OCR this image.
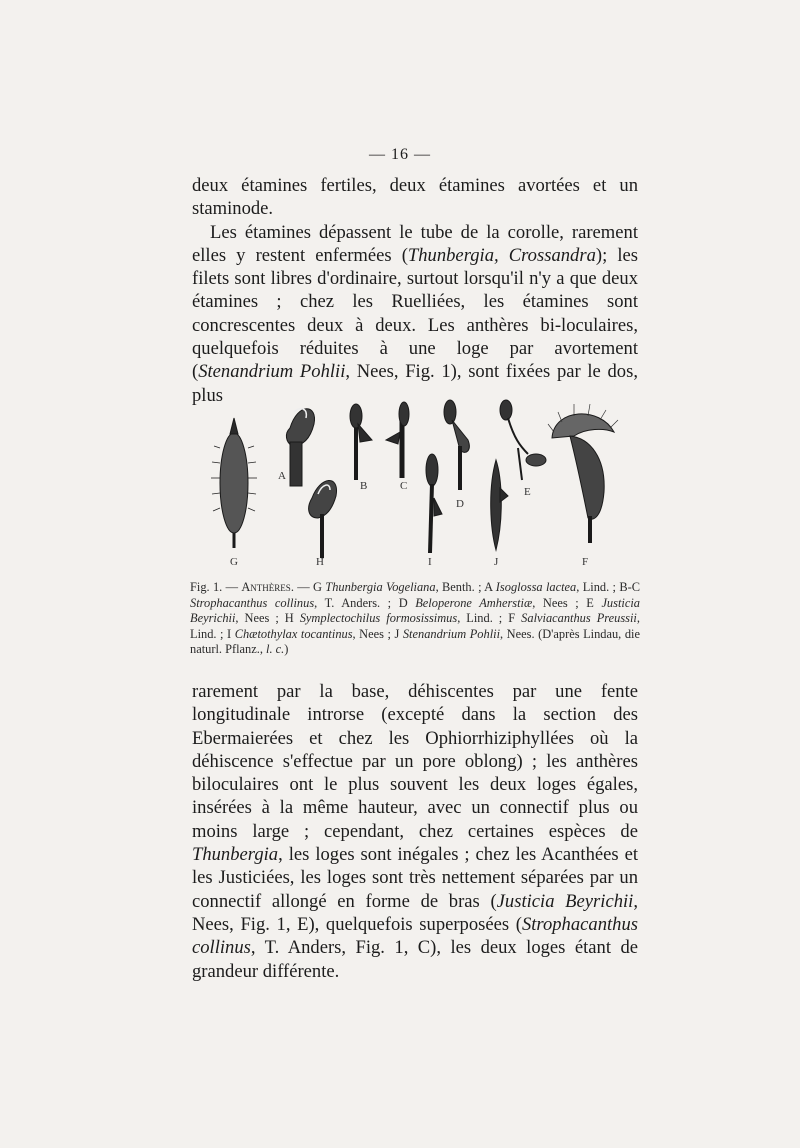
— 16 —

deux étamines fertiles, deux étamines avortées et un staminode.

Les étamines dépassent le tube de la corolle, rarement elles y restent enfermées (Thunbergia, Crossandra); les filets sont libres d'ordinaire, surtout lorsqu'il n'y a que deux étamines ; chez les Ruelliées, les étamines sont concrescentes deux à deux. Les anthères bi-loculaires, quelquefois réduites à une loge par avortement (Stenandrium Pohlii, Nees, Fig. 1), sont fixées par le dos, plus

A
B	C
D
E
G	H	I	J	F
Fig. 1. — Anthères. — G Thunbergia Vogeliana, Benth. ; A Isoglossa lactea, Lind. ; B-C Strophacanthus collinus, T. Anders. ; D Beloperone Amherstiæ, Nees ; E Justicia Beyrichii, Nees ; H Symplectochilus formosissimus, Lind. ; F Salviacanthus Preussii, Lind. ; I Chætothylax tocantinus, Nees ; J Stenandrium Pohlii, Nees. (D'après Lindau, die naturl. Pflanz., l. c.)

rarement par la base, déhiscentes par une fente longitudinale introrse (excepté dans la section des Ebermaierées et chez les Ophiorrhiziphyllées où la déhiscence s'effectue par un pore oblong) ; les anthères biloculaires ont le plus souvent les deux loges égales, insérées à la même hauteur, avec un connectif plus ou moins large ; cependant, chez certaines espèces de Thunbergia, les loges sont inégales ; chez les Acanthées et les Justiciées, les loges sont très nettement séparées par un connectif allongé en forme de bras (Justicia Beyrichii, Nees, Fig. 1, E), quelquefois superposées (Strophacanthus collinus, T. Anders, Fig. 1, C), les deux loges étant de grandeur différente.
